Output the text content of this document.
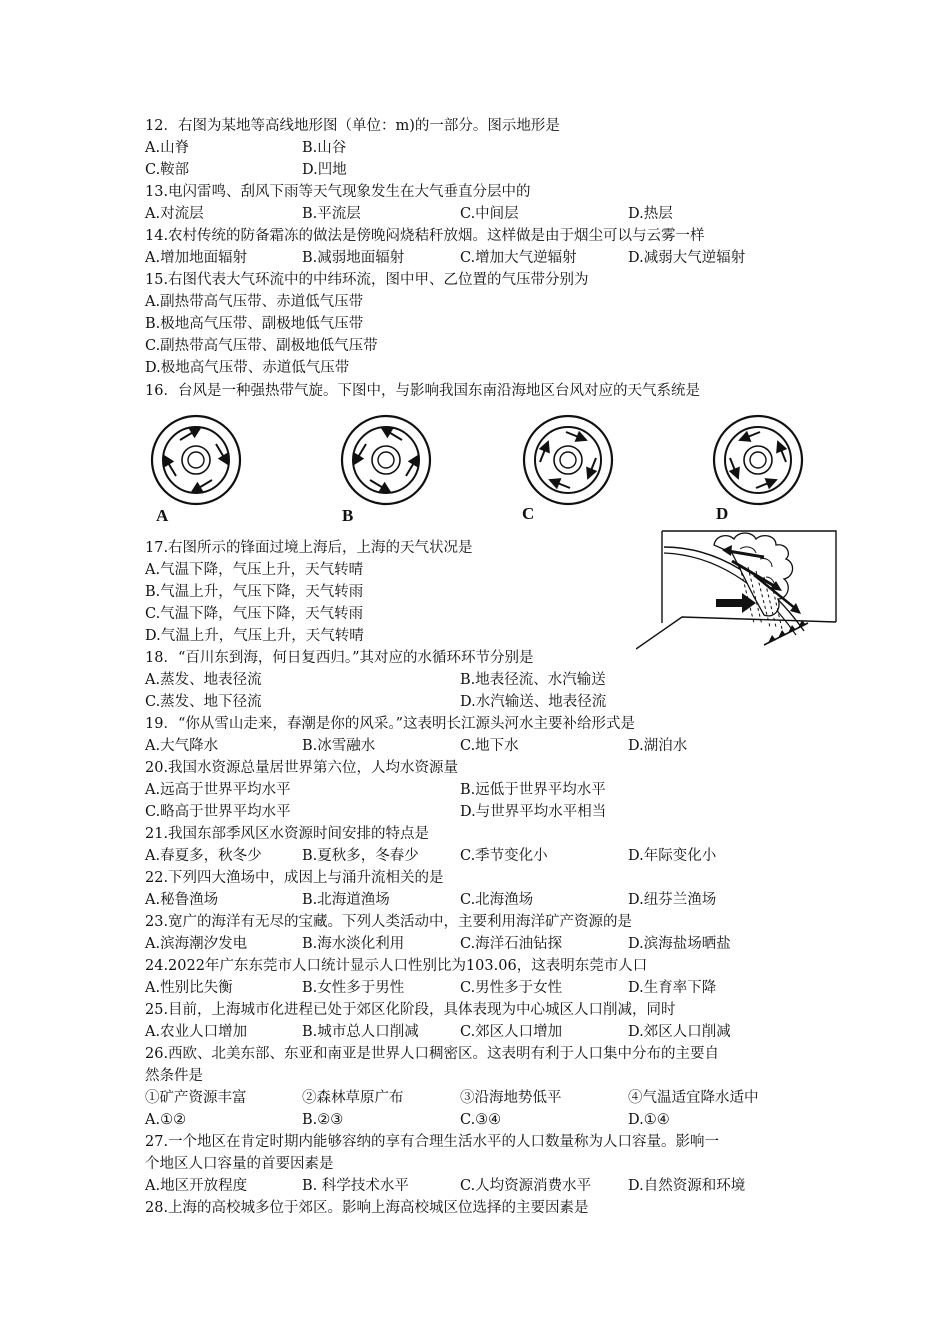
12．右图为某地等高线地形图（单位：m)的一部分。图示地形是
A.山脊	B.山谷
C.鞍部	D.凹地
13.电闪雷鸣、刮风下雨等天气现象发生在大气垂直分层中的
A.对流层	B.平流层	C.中间层	D.热层
14.农村传统的防备霜冻的做法是傍晚闷烧秸秆放烟。这样做是由于烟尘可以与云雾一样
A.增加地面辐射	B.减弱地面辐射	C.增加大气逆辐射	D.减弱大气逆辐射
15.右图代表大气环流中的中纬环流，图中甲、乙位置的气压带分别为
A.副热带高气压带、赤道低气压带
B.极地高气压带、副极地低气压带
C.副热带高气压带、副极地低气压带
D.极地高气压带、赤道低气压带
16．台风是一种强热带气旋。下图中，与影响我国东南沿海地区台风对应的天气系统是
A	B	C	D
17.右图所示的锋面过境上海后，上海的天气状况是
A.气温下降，气压上升，天气转晴
B.气温上升，气压下降，天气转雨
C.气温下降，气压下降，天气转雨
D.气温上升，气压上升，天气转晴
18．“百川东到海，何日复西归。”其对应的水循环环节分别是
A.蒸发、地表径流	B.地表径流、水汽输送
C.蒸发、地下径流	D.水汽输送、地表径流
19．“你从雪山走来，春潮是你的风采。”这表明长江源头河水主要补给形式是
A.大气降水	B.冰雪融水	C.地下水	D.湖泊水
20.我国水资源总量居世界第六位，人均水资源量
A.远高于世界平均水平	B.远低于世界平均水平
C.略高于世界平均水平	D.与世界平均水平相当
21.我国东部季风区水资源时间安排的特点是
A.春夏多，秋冬少	B.夏秋多，冬春少	C.季节变化小	D.年际变化小
22.下列四大渔场中，成因上与涌升流相关的是
A.秘鲁渔场	B.北海道渔场	C.北海渔场	D.纽芬兰渔场
23.宽广的海洋有无尽的宝藏。下列人类活动中，主要利用海洋矿产资源的是
A.滨海潮汐发电	B.海水淡化利用	C.海洋石油钻探	D.滨海盐场晒盐
24.2022年广东东莞市人口统计显示人口性别比为103.06，这表明东莞市人口
A.性别比失衡	B.女性多于男性	C.男性多于女性	D.生育率下降
25.目前，上海城市化进程已处于郊区化阶段，具体表现为中心城区人口削减，同时
A.农业人口增加	B.城市总人口削减	C.郊区人口增加	D.郊区人口削减
26.西欧、北美东部、东亚和南亚是世界人口稠密区。这表明有利于人口集中分布的主要自
然条件是
①矿产资源丰富	②森林草原广布	③沿海地势低平	④气温适宜降水适中
A.①②	B.②③	C.③④	D.①④
27.一个地区在肯定时期内能够容纳的享有合理生活水平的人口数量称为人口容量。影响一
个地区人口容量的首要因素是
A.地区开放程度	B. 科学技术水平	C.人均资源消费水平	D.自然资源和环境
28.上海的高校城多位于郊区。影响上海高校城区位选择的主要因素是
